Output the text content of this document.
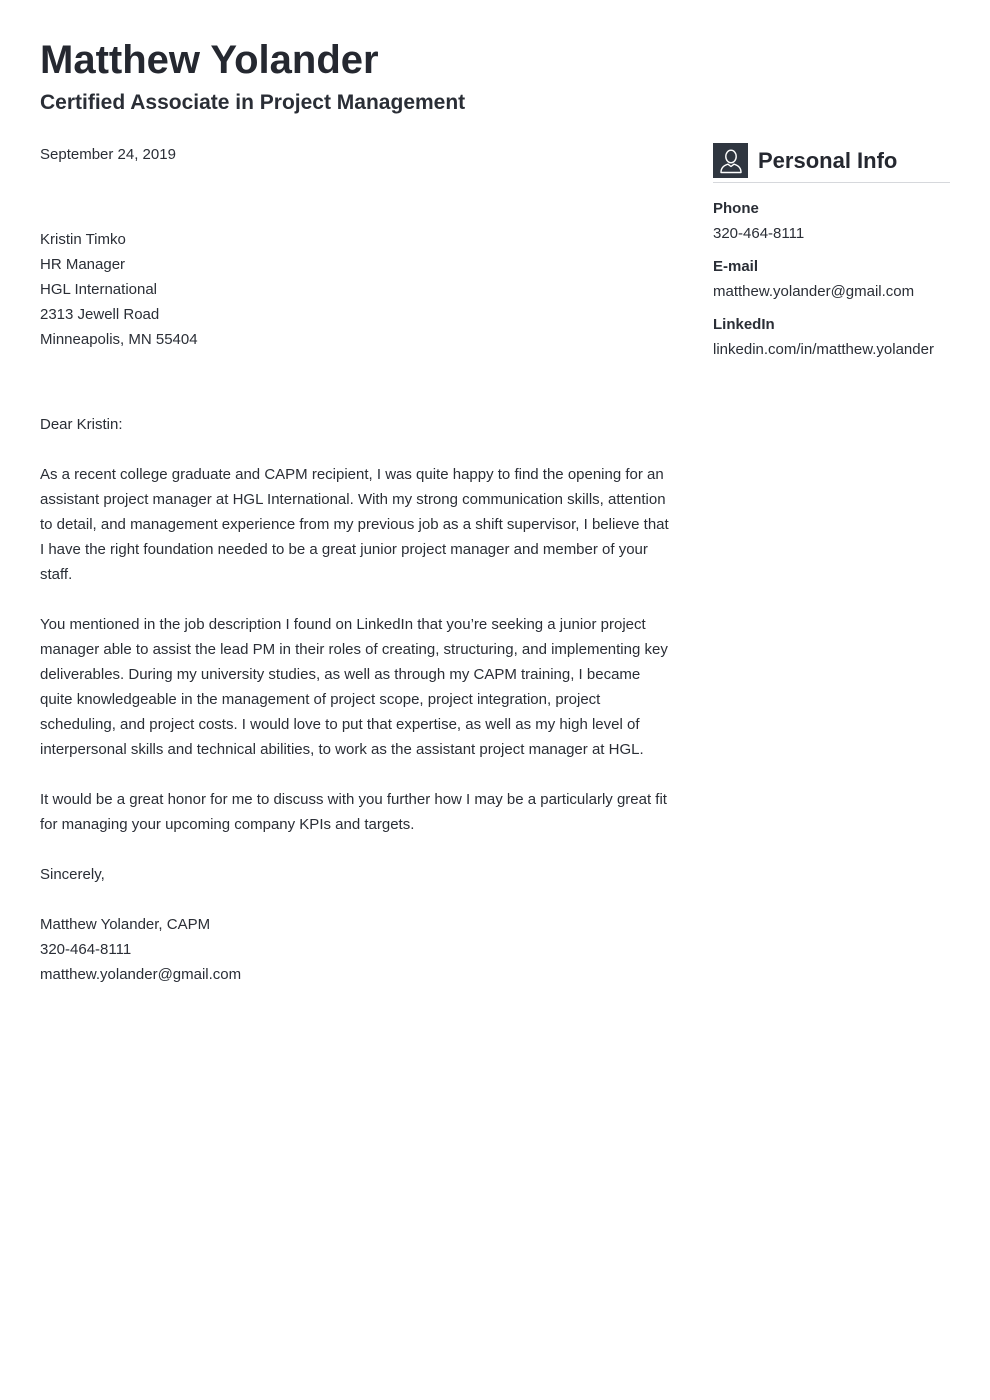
Matthew Yolander
Certified Associate in Project Management

September 24, 2019

Kristin Timko
HR Manager
HGL International
2313 Jewell Road
Minneapolis, MN 55404

Dear Kristin:

As a recent college graduate and CAPM recipient, I was quite happy to find the opening for an assistant project manager at HGL International. With my strong communication skills, attention to detail, and management experience from my previous job as a shift supervisor, I believe that I have the right foundation needed to be a great junior project manager and member of your staff.

You mentioned in the job description I found on LinkedIn that you’re seeking a junior project manager able to assist the lead PM in their roles of creating, structuring, and implementing key deliverables. During my university studies, as well as through my CAPM training, I became quite knowledgeable in the management of project scope, project integration, project scheduling, and project costs. I would love to put that expertise, as well as my high level of interpersonal skills and technical abilities, to work as the assistant project manager at HGL.

It would be a great honor for me to discuss with you further how I may be a particularly great fit for managing your upcoming company KPIs and targets.

Sincerely,

Matthew Yolander, CAPM
320-464-8111
matthew.yolander@gmail.com
Personal Info
Phone
320-464-8111
E-mail
matthew.yolander@gmail.com
LinkedIn
linkedin.com/in/matthew.yolander
